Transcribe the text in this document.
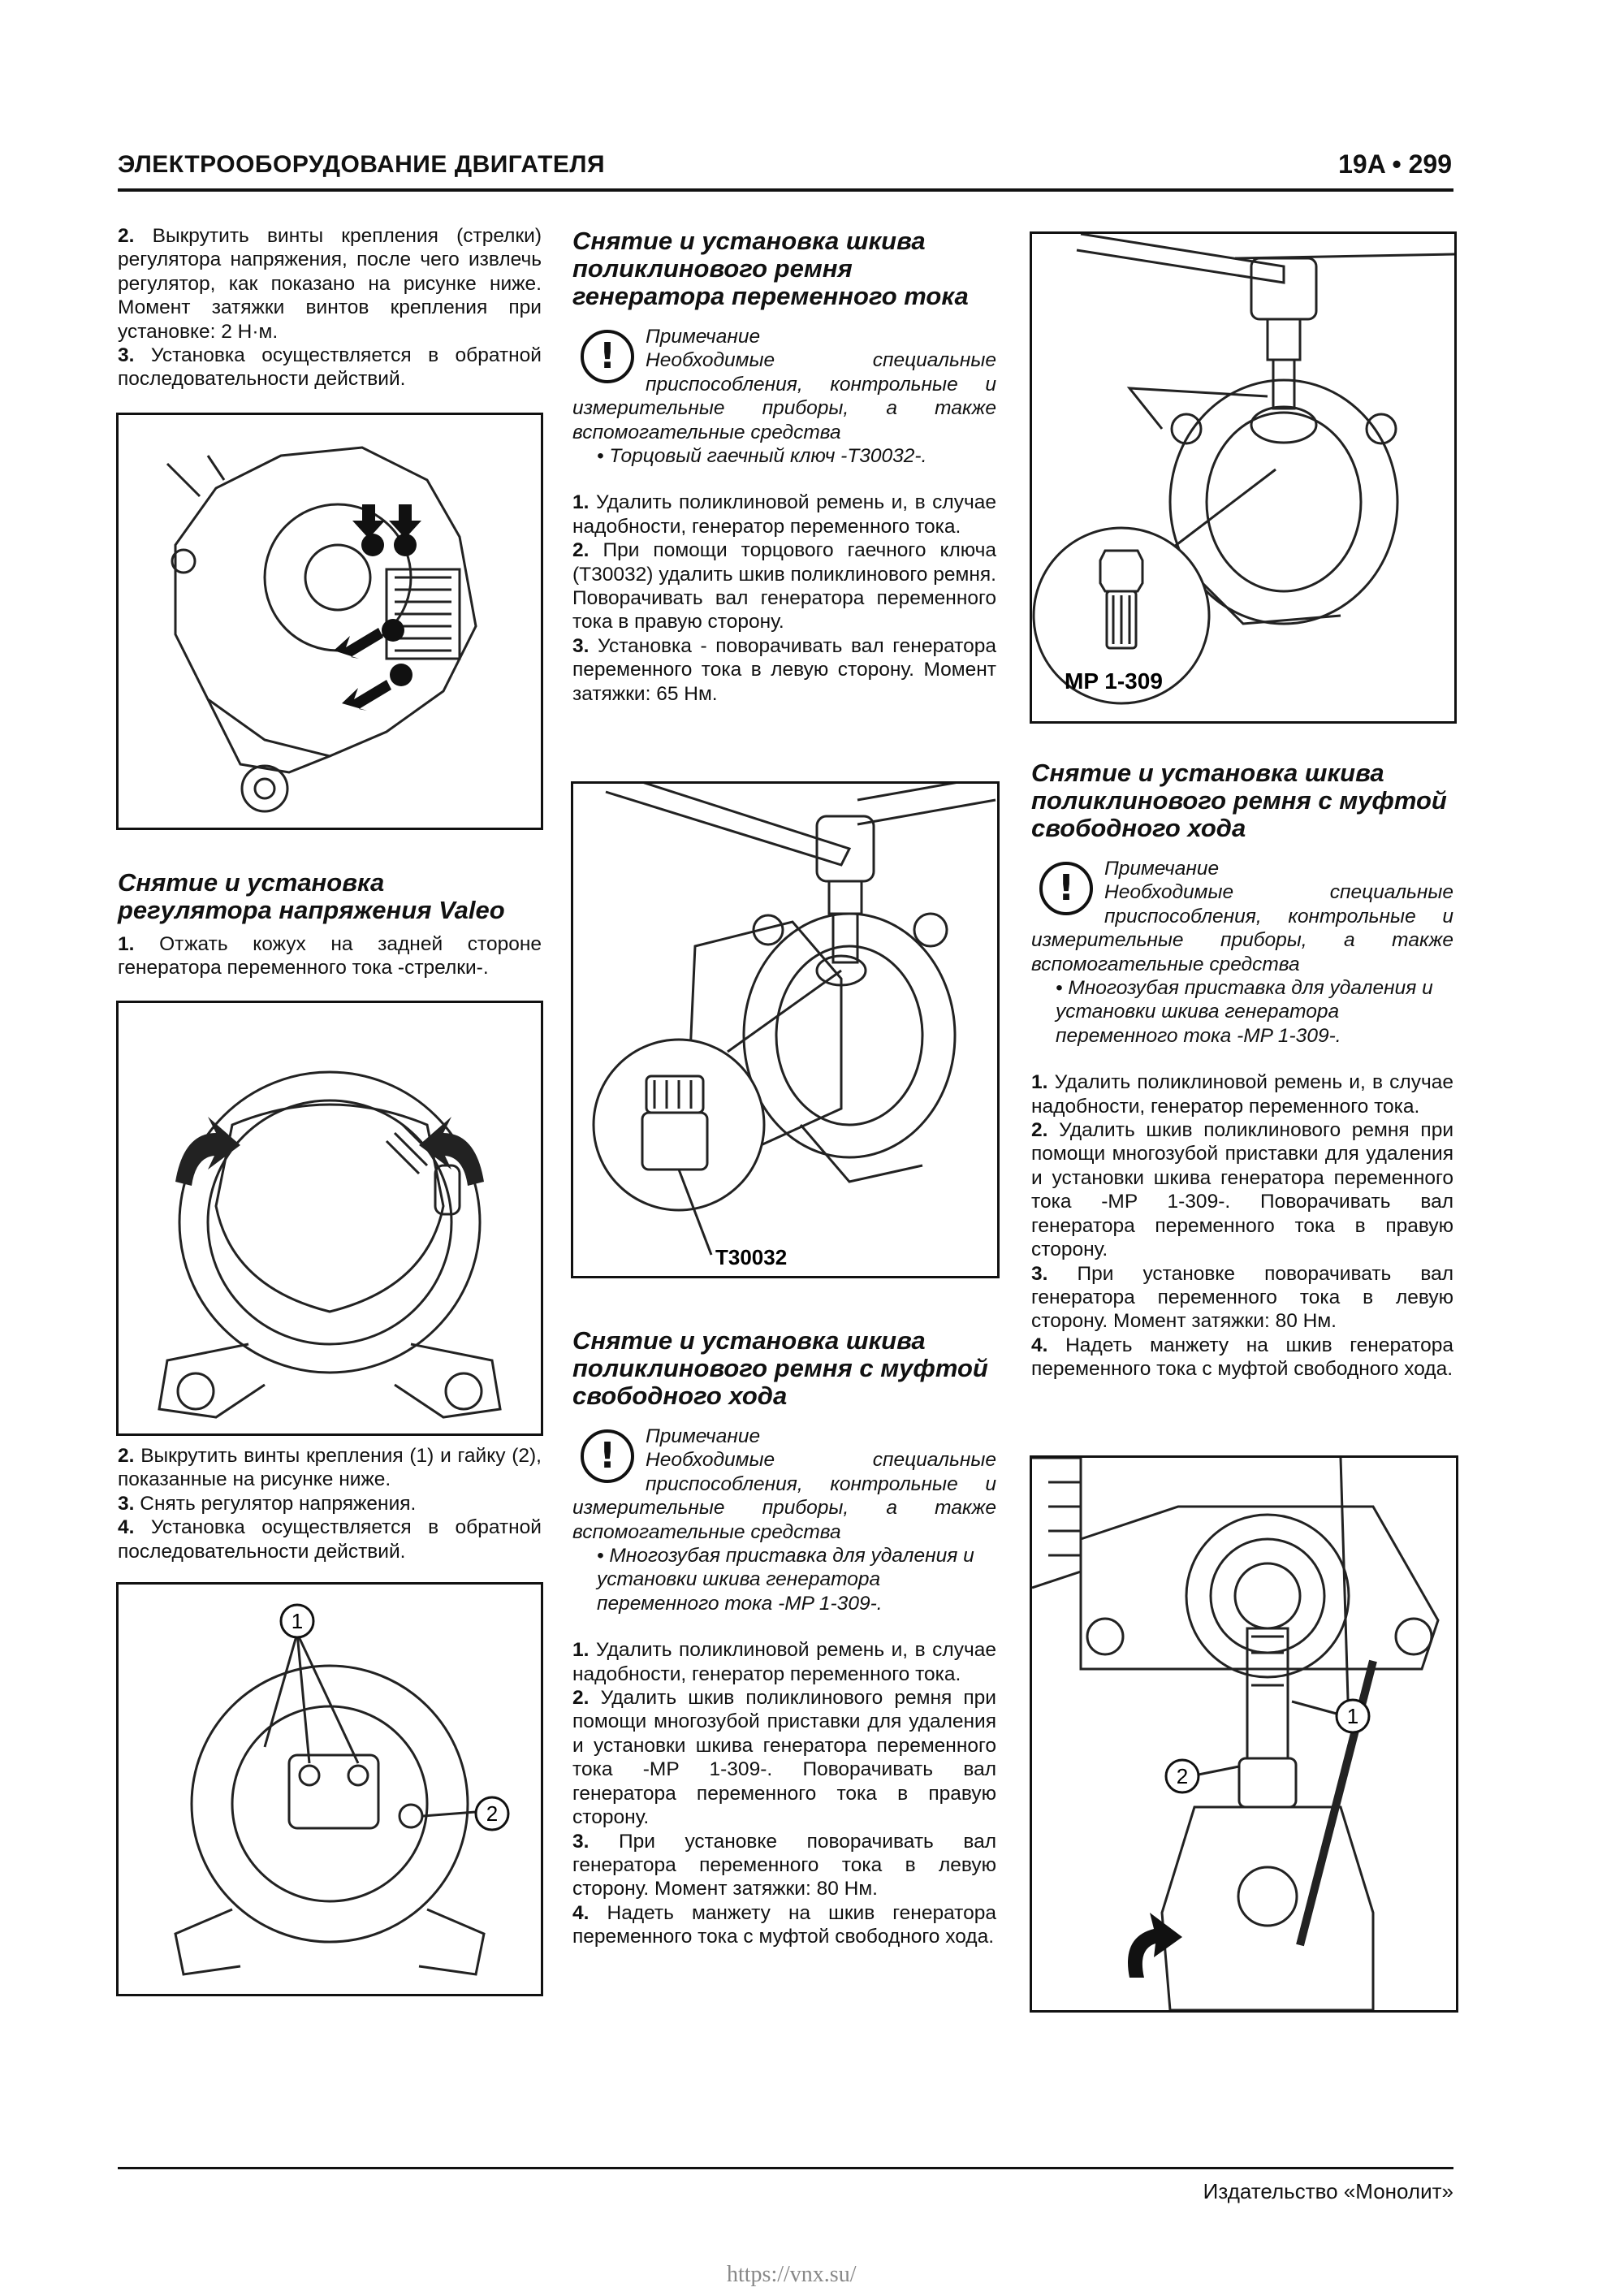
ЭЛЕКТРООБОРУДОВАНИЕ ДВИГАТЕЛЯ	19A • 299

2. Выкрутить винты крепления (стрелки) регулятора напряжения, после чего извлечь регулятор, как показано на рисунке ниже. Момент затяжки винтов крепления при установке: 2 Н·м.

3. Установка осуществляется в обратной последовательности действий.

Снятие и установка регулятора напряжения Valeo

1. Отжать кожух на задней стороне генератора переменного тока -стрелки-.

2. Выкрутить винты крепления (1) и гайку (2), показанные на рисунке ниже.

3. Снять регулятор напряжения.

4. Установка осуществляется в обратной последовательности действий.

1
2

Снятие и установка шкива поликлинового ремня генератора переменного тока

!	Примечание
Необходимые специальные приспособления, контрольные и измерительные приборы, а также вспомогательные средства
• Торцовый гаечный ключ -T30032-.

1. Удалить поликлиновой ремень и, в случае надобности, генератор переменного тока.

2. При помощи торцового гаечного ключа (T30032) удалить шкив поликлинового ремня. Поворачивать вал генератора переменного тока в правую сторону.

3. Установка - поворачивать вал генератора переменного тока в левую сторону. Момент затяжки: 65 Нм.

T30032

Снятие и установка шкива поликлинового ремня с муфтой свободного хода

!	Примечание
Необходимые специальные приспособления, контрольные и измерительные приборы, а также вспомогательные средства
• Многозубая приставка для удаления и установки шкива генератора переменного тока -MP 1-309-.

1. Удалить поликлиновой ремень и, в случае надобности, генератор переменного тока.

2. Удалить шкив поликлинового ремня при помощи многозубой приставки для удаления и установки шкива генератора переменного тока -MP 1-309-. Поворачивать вал генератора переменного тока в правую сторону.

3. При установке поворачивать вал генератора переменного тока в левую сторону. Момент затяжки: 80 Нм.

4. Надеть манжету на шкив генератора переменного тока с муфтой свободного хода.

MP 1-309

Снятие и установка шкива поликлинового ремня с муфтой свободного хода

!	Примечание
Необходимые специальные приспособления, контрольные и измерительные приборы, а также вспомогательные средства
• Многозубая приставка для удаления и установки шкива генератора переменного тока -MP 1-309-.

1. Удалить поликлиновой ремень и, в случае надобности, генератор переменного тока.

2. Удалить шкив поликлинового ремня при помощи многозубой приставки для удаления и установки шкива генератора переменного тока -MP 1-309-. Поворачивать вал генератора переменного тока в правую сторону.

3. При установке поворачивать вал генератора переменного тока в левую сторону. Момент затяжки: 80 Нм.

4. Надеть манжету на шкив генератора переменного тока с муфтой свободного хода.

1
2
Издательство «Монолит»
https://vnx.su/
